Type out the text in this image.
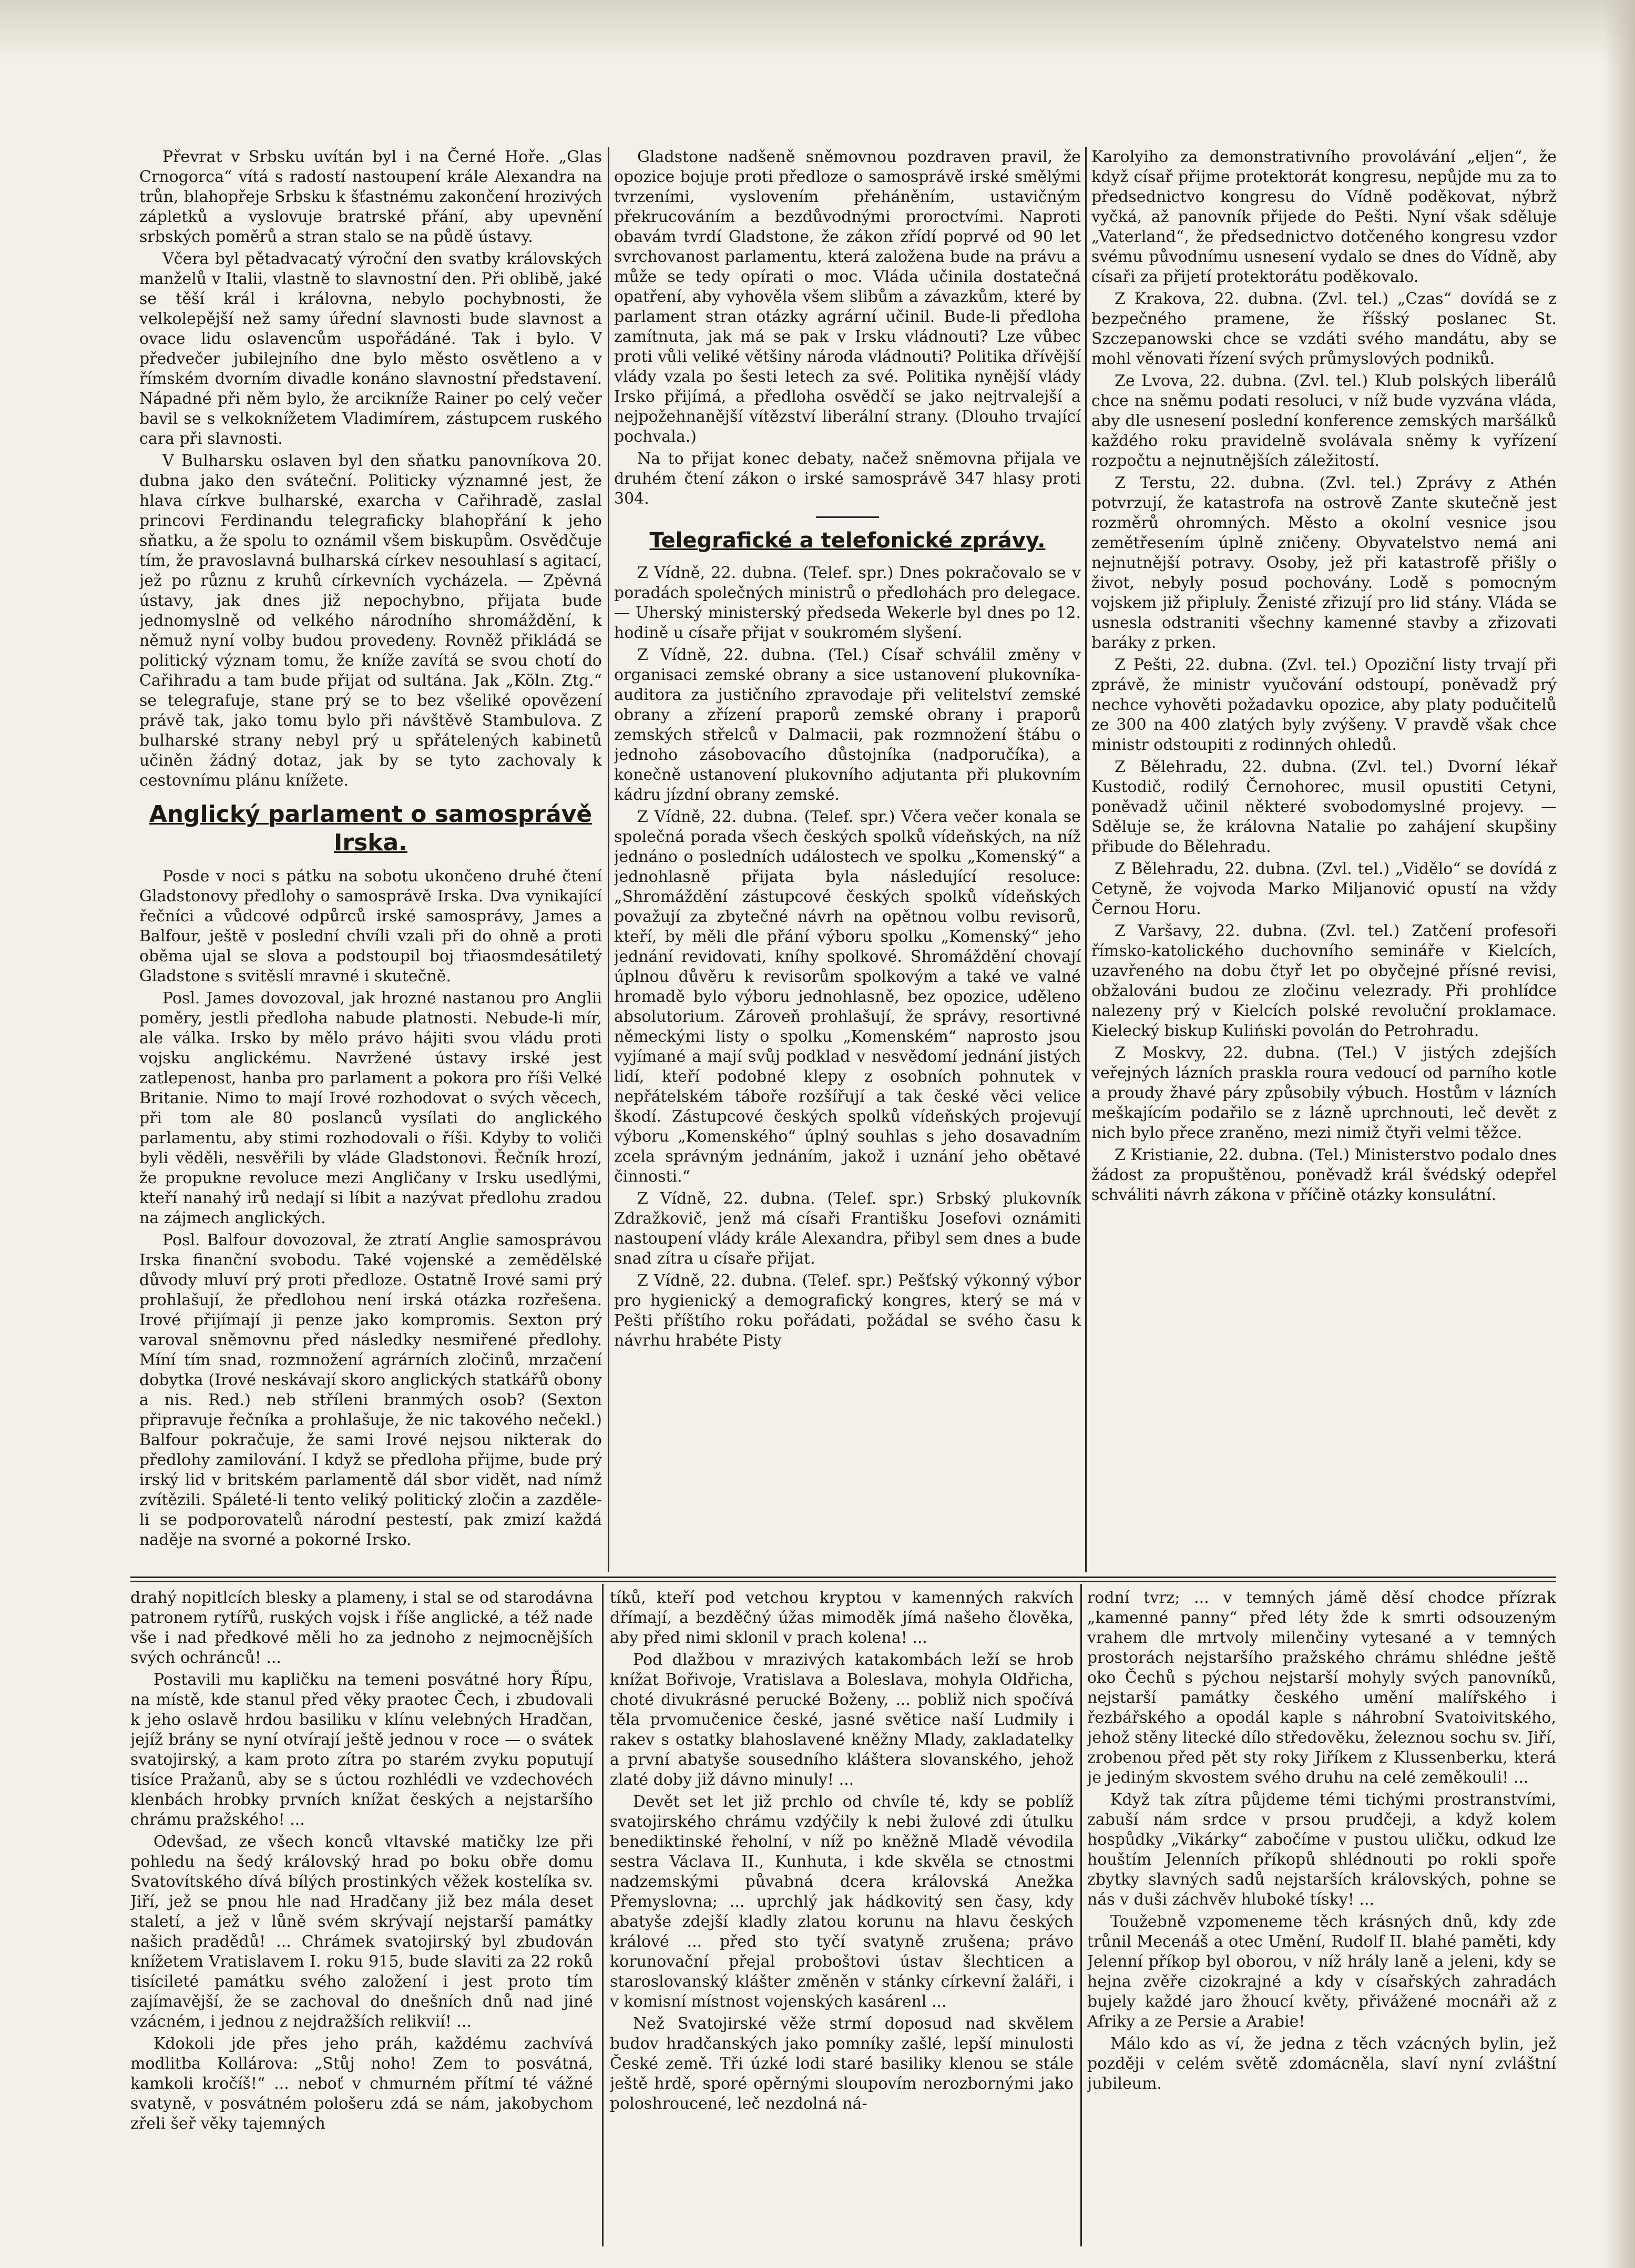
Převrat v Srbsku uvítán byl i na Černé Hoře. „Glas Crnogorca“ vítá s radostí nastoupení krále Alexandra na trůn, blahopřeje Srbsku k šťastnému zakončení hrozivých zápletků a vyslovuje bratrské přání, aby upevnění srbských poměrů a stran stalo se na půdě ústavy.

Včera byl pětadvacatý výroční den svatby královských manželů v Italii, vlastně to slavnostní den. Při oblibě, jaké se těší král i královna, nebylo pochybnosti, že velkolepější než samy úřední slavnosti bude slavnost a ovace lidu oslavencům uspořádáné. Tak i bylo. V předvečer jubilejního dne bylo město osvětleno a v římském dvorním divadle konáno slavnostní představení. Nápadné při něm bylo, že arcikníže Rainer po celý večer bavil se s velkoknížetem Vladimírem, zástupcem ruského cara při slavnosti.

V Bulharsku oslaven byl den sňatku panovníkova 20. dubna jako den sváteční. Politicky významné jest, že hlava církve bulharské, exarcha v Cařihradě, zaslal princovi Ferdinandu telegraficky blahopřání k jeho sňatku, a že spolu to oznámil všem biskupům. Osvědčuje tím, že pravoslavná bulharská církev nesouhlasí s agitací, jež po různu z kruhů církevních vycházela. — Zpěvná ústavy, jak dnes již nepochybno, přijata bude jednomyslně od velkého národního shromáždění, k němuž nyní volby budou provedeny. Rovněž přikládá se politický význam tomu, že kníže zavítá se svou chotí do Cařihradu a tam bude přijat od sultána. Jak „Köln. Ztg.“ se telegrafuje, stane prý se to bez všeliké opovězení právě tak, jako tomu bylo při návštěvě Stambulova. Z bulharské strany nebyl prý u spřátelených kabinetů učiněn žádný dotaz, jak by se tyto zachovaly k cestovnímu plánu knížete.

Anglický parlament o samosprávě Irska.

Posde v noci s pátku na sobotu ukončeno druhé čtení Gladstonovy předlohy o samosprávě Irska. Dva vynikající řečníci a vůdcové odpůrců irské samosprávy, James a Balfour, ještě v poslední chvíli vzali při do ohně a proti oběma ujal se slova a podstoupil boj třiaosmdesátiletý Gladstone s svitěslí mravné i skutečně.

Posl. James dovozoval, jak hrozné nastanou pro Anglii poměry, jestli předloha nabude platnosti. Nebude-li mír, ale válka. Irsko by mělo právo hájiti svou vládu proti vojsku anglickému. Navržené ústavy irské jest zatlepenost, hanba pro parlament a pokora pro říši Velké Britanie. Nimo to mají Irové rozhodovat o svých věcech, při tom ale 80 poslanců vysílati do anglického parlamentu, aby stimi rozhodovali o říši. Kdyby to voliči byli věděli, nesvěřili by vláde Gladstonovi. Řečník hrozí, že propukne revoluce mezi Angličany v Irsku usedlými, kteří nanahý irů nedají si líbit a nazývat předlohu zradou na zájmech anglických.

Posl. Balfour dovozoval, že ztratí Anglie samosprávou Irska finanční svobodu. Také vojenské a zemědělské důvody mluví prý proti předloze. Ostatně Irové sami prý prohlašují, že předlohou není irská otázka rozřešena. Irové přijímají ji penze jako kompromis. Sexton prý varoval sněmovnu před následky nesmiřené předlohy. Míní tím snad, rozmnožení agrárních zločinů, mrzačení dobytka (Irové neskávají skoro anglických statkářů obony a nis. Red.) neb stříleni branmých osob? (Sexton připravuje řečníka a prohlašuje, že nic takového nečekl.) Balfour pokračuje, že sami Irové nejsou nikterak do předlohy zamilování. I když se předloha přijme, bude prý irský lid v britském parlamentě dál sbor vidět, nad nímž zvítězili. Spáleté-li tento veliký politický zločin a zazděle-li se podporovatelů národní pestestí, pak zmizí každá naděje na svorné a pokorné Irsko.

Gladstone nadšeně sněmovnou pozdraven pravil, že opozice bojuje proti předloze o samosprávě irské smělými tvrzeními, vyslovením přeháněním, ustavičným překrucováním a bezdůvodnými proroctvími. Naproti obavám tvrdí Gladstone, že zákon zřídí poprvé od 90 let svrchovanost parlamentu, která založena bude na právu a může se tedy opírati o moc. Vláda učinila dostatečná opatření, aby vyhověla všem slibům a závazkům, které by parlament stran otázky agrární učinil. Bude-li předloha zamítnuta, jak má se pak v Irsku vládnouti? Lze vůbec proti vůli veliké většiny národa vládnouti? Politika dřívější vlády vzala po šesti letech za své. Politika nynější vlády Irsko přijímá, a předloha osvědčí se jako nejtrvalejší a nejpožehnanější vítězství liberální strany. (Dlouho trvající pochvala.)

Na to přijat konec debaty, načež sněmovna přijala ve druhém čtení zákon o irské samosprávě 347 hlasy proti 304.

Telegrafické a telefonické zprávy.

Z Vídně, 22. dubna. (Telef. spr.) Dnes pokračovalo se v poradách společných ministrů o předlohách pro delegace. — Uherský ministerský předseda Wekerle byl dnes po 12. hodině u císaře přijat v soukromém slyšení.

Z Vídně, 22. dubna. (Tel.) Císař schválil změny v organisaci zemské obrany a sice ustanovení plukovníka-auditora za justičního zpravodaje při velitelství zemské obrany a zřízení praporů zemské obrany i praporů zemských střelců v Dalmacii, pak rozmnožení štábu o jednoho zásobovacího důstojníka (nadporučíka), a konečně ustanovení plukovního adjutanta při plukovním kádru jízdní obrany zemské.

Z Vídně, 22. dubna. (Telef. spr.) Včera večer konala se společná porada všech českých spolků vídeňských, na níž jednáno o posledních událostech ve spolku „Komenský“ a jednohlasně přijata byla následující resoluce: „Shromáždění zástupcové českých spolků vídeňských považují za zbytečné návrh na opětnou volbu revisorů, kteří, by měli dle přání výboru spolku „Komenský“ jeho jednání revidovati, kníhy spolkové. Shromáždění chovají úplnou důvěru k revisorům spolkovým a také ve valné hromadě bylo výboru jednohlasně, bez opozice, uděleno absolutorium. Zároveň prohlašují, že správy, resortivné německými listy o spolku „Komenském“ naprosto jsou vyjímané a mají svůj podklad v nesvědomí jednání jistých lidí, kteří podobné klepy z osobních pohnutek v nepřátelském táboře rozšířují a tak české věci velice škodí. Zástupcové českých spolků vídeňských projevují výboru „Komenského“ úplný souhlas s jeho dosavadním zcela správným jednáním, jakož i uznání jeho obětavé činnosti.“

Z Vídně, 22. dubna. (Telef. spr.) Srbský plukovník Zdražkovič, jenž má císaři Františku Josefovi oznámiti nastoupení vlády krále Alexandra, přibyl sem dnes a bude snad zítra u císaře přijat.

Z Vídně, 22. dubna. (Telef. spr.) Pešťský výkonný výbor pro hygienický a demografický kongres, který se má v Pešti příštího roku pořádati, požádal se svého času k návrhu hrabéte Pisty

Karolyiho za demonstrativního provolávání „eljen“, že když císař přijme protektorát kongresu, nepůjde mu za to předsednictvo kongresu do Vídně poděkovat, nýbrž vyčká, až panovník přijede do Pešti. Nyní však sděluje „Vaterland“, že předsednictvo dotčeného kongresu vzdor svému původnímu usnesení vydalo se dnes do Vídně, aby císaři za přijetí protektorátu poděkovalo.

Z Krakova, 22. dubna. (Zvl. tel.) „Czas“ dovídá se z bezpečného pramene, že říšský poslanec St. Szczepanowski chce se vzdáti svého mandátu, aby se mohl věnovati řízení svých průmyslových podniků.

Ze Lvova, 22. dubna. (Zvl. tel.) Klub polských liberálů chce na sněmu podati resoluci, v níž bude vyzvána vláda, aby dle usnesení poslední konference zemských maršálků každého roku pravidelně svolávala sněmy k vyřízení rozpočtu a nejnutnějších záležitostí.

Z Terstu, 22. dubna. (Zvl. tel.) Zprávy z Athén potvrzují, že katastrofa na ostrově Zante skutečně jest rozměrů ohromných. Město a okolní vesnice jsou zemětřesením úplně zničeny. Obyvatelstvo nemá ani nejnutnější potravy. Osoby, jež při katastrofě přišly o život, nebyly posud pochovány. Lodě s pomocným vojskem již připluly. Ženisté zřizují pro lid stány. Vláda se usnesla odstraniti všechny kamenné stavby a zřizovati baráky z prken.

Z Pešti, 22. dubna. (Zvl. tel.) Opoziční listy trvají při zprávě, že ministr vyučování odstoupí, poněvadž prý nechce vyhověti požadavku opozice, aby platy podučitelů ze 300 na 400 zlatých byly zvýšeny. V pravdě však chce ministr odstoupiti z rodinných ohledů.

Z Bělehradu, 22. dubna. (Zvl. tel.) Dvorní lékař Kustodič, rodilý Černohorec, musil opustiti Cetyni, poněvadž učinil některé svobodomyslné projevy. — Sděluje se, že královna Natalie po zahájení skupšiny přibude do Bělehradu.

Z Bělehradu, 22. dubna. (Zvl. tel.) „Vidělo“ se dovídá z Cetyně, že vojvoda Marko Miljanović opustí na vždy Černou Horu.

Z Varšavy, 22. dubna. (Zvl. tel.) Zatčení profesoři římsko-katolického duchovního semináře v Kielcích, uzavřeného na dobu čtyř let po obyčejné přísné revisi, obžalováni budou ze zločinu velezrady. Při prohlídce nalezeny prý v Kielcích polské revoluční proklamace. Kielecký biskup Kuliński povolán do Petrohradu.

Z Moskvy, 22. dubna. (Tel.) V jistých zdejších veřejných lázních praskla roura vedoucí od parního kotle a proudy žhavé páry způsobily výbuch. Hostům v lázních meškajícím podařilo se z lázně uprchnouti, leč devět z nich bylo přece zraněno, mezi nimiž čtyři velmi těžce.

Z Kristianie, 22. dubna. (Tel.) Ministerstvo podalo dnes žádost za propuštěnou, poněvadž král švédský odepřel schváliti návrh zákona v příčině otázky konsulátní.

drahý nopitlcích blesky a plameny, i stal se od starodávna patronem rytířů, ruských vojsk i říše anglické, a též nade vše i nad předkové měli ho za jednoho z nejmocnějších svých ochránců! ...

Postavili mu kapličku na temeni posvátné hory Řípu, na místě, kde stanul před věky praotec Čech, i zbudovali k jeho oslavě hrdou basiliku v klínu velebných Hradčan, jejíž brány se nyní otvírají ještě jednou v roce — o svátek svatojirský, a kam proto zítra po starém zvyku poputují tisíce Pražanů, aby se s úctou rozhlédli ve vzdechovéch klenbách hrobky prvních knížat českých a nejstaršího chrámu pražského! ...

Odevšad, ze všech konců vltavské matičky lze při pohledu na šedý královský hrad po boku obře domu Svatovítského dívá bílých prostinkých věžek kostelíka sv. Jiří, jež se pnou hle nad Hradčany již bez mála deset staletí, a jež v lůně svém skrývají nejstarší památky našich pradědů! ... Chrámek svatojirský byl zbudován knížetem Vratislavem I. roku 915, bude slaviti za 22 roků tisícileté památku svého založení i jest proto tím zajímavější, že se zachoval do dnešních dnů nad jiné vzácném, i jednou z nejdražších relikvií! ...

Kdokoli jde přes jeho práh, každému zachvívá modlitba Kollárova: „Stůj noho! Zem to posvátná, kamkoli kročíš!“ ... neboť v chmurném přítmí té vážné svatyně, v posvátném pološeru zdá se nám, jakobychom zřeli šeř věky tajemných

tíků, kteří pod vetchou kryptou v kamenných rakvích dřímají, a bezděčný úžas mimoděk jímá našeho člověka, aby před nimi sklonil v prach kolena! ...

Pod dlažbou v mrazivých katakombách leží se hrob knížat Bořivoje, Vratislava a Boleslava, mohyla Oldřicha, choté divukrásné perucké Boženy, ... pobliž nich spočívá těla prvomučenice české, jasné světice naší Ludmily i rakev s ostatky blahoslavené kněžny Mlady, zakladatelky a první abatyše sousedního kláštera slovanského, jehož zlaté doby již dávno minuly! ...

Devět set let již prchlo od chvíle té, kdy se poblíž svatojirského chrámu vzdýčily k nebi žulové zdi útulku benediktinské řeholní, v níž po kněžně Mladě vévodila sestra Václava II., Kunhuta, i kde skvěla se ctnostmi nadzemskými půvabná dcera královská Anežka Přemyslovna; ... uprchlý jak hádkovitý sen časy, kdy abatyše zdejší kladly zlatou korunu na hlavu českých králové ... před sto tyčí svatyně zrušena; právo korunovační přejal proboštovi ústav šlechticen a staroslovanský klášter změněn v stánky církevní žaláři, i v komisní místnost vojenských kasárenl ...

Než Svatojirské věže strmí doposud nad skvělem budov hradčanských jako pomníky zašlé, lepší minulosti České země. Tři úzké lodi staré basiliky klenou se stále ještě hrdě, sporé opěrnými sloupovím nerozbornými jako poloshroucené, leč nezdolná ná-

rodní tvrz; ... v temných jámě děsí chodce přízrak „kamenné panny“ před léty žde k smrti odsouzeným vrahem dle mrtvoly milenčiny vytesané a v temných prostorách nejstaršího pražského chrámu shlédne ještě oko Čechů s pýchou nejstarší mohyly svých panovníků, nejstarší památky českého umění malířského i řezbářského a opodál kaple s náhrobní Svatoivitského, jehož stěny litecké dílo středověku, železnou sochu sv. Jiří, zrobenou před pět sty roky Jiříkem z Klussenberku, která je jediným skvostem svého druhu na celé zeměkouli! ...

Když tak zítra půjdeme témi tichými prostranstvími, zabuší nám srdce v prsou prudčeji, a když kolem hospůdky „Vikárky“ zabočíme v pustou uličku, odkud lze houštím Jelenních příkopů shlédnouti po rokli spoře zbytky slavných sadů nejstarších královských, pohne se nás v duši záchvěv hluboké tísky! ...

Toužebně vzpomeneme těch krásných dnů, kdy zde trůnil Mecenáš a otec Umění, Rudolf II. blahé paměti, kdy Jelenní příkop byl oborou, v níž hrály laně a jeleni, kdy se hejna zvěře cizokrajné a kdy v císařských zahradách bujely každé jaro žhoucí květy, přivážené mocnáři až z Afriky a ze Persie a Arabie!

Málo kdo as ví, že jedna z těch vzácných bylin, jež později v celém světě zdomácněla, slaví nyní zvláštní jubileum.
